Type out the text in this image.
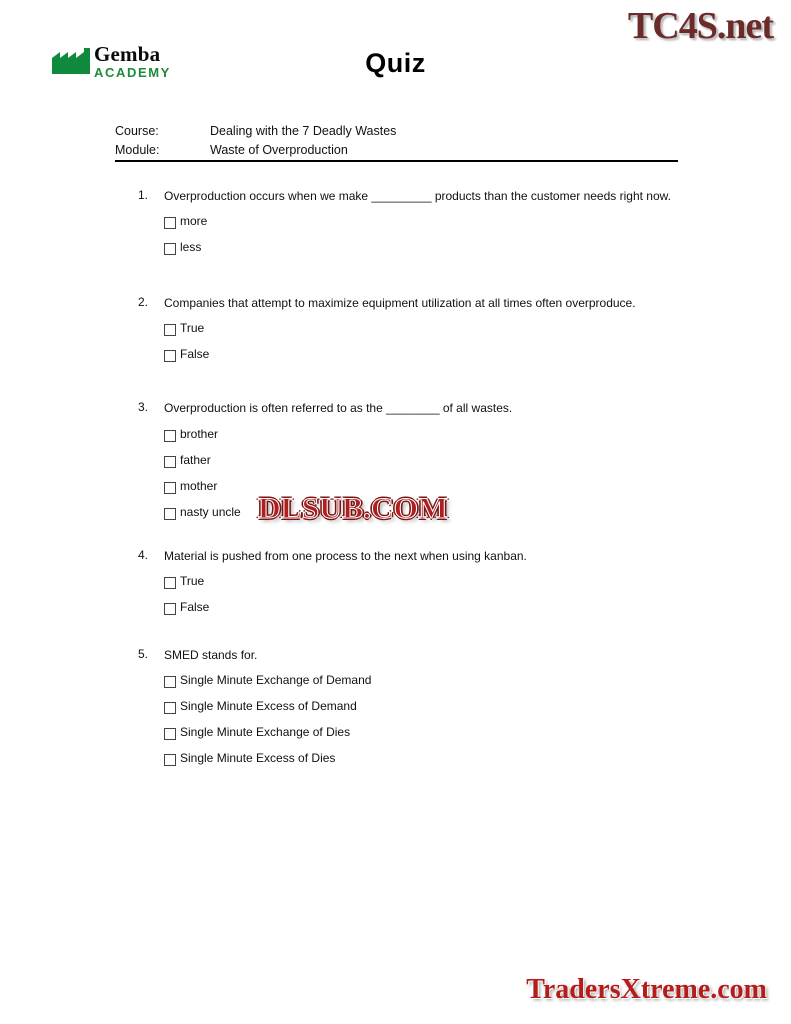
TC4S.net
Gemba
ACADEMY	Quiz
Course:	Dealing with the 7 Deadly Wastes
Module:	Waste of Overproduction
1.	Overproduction occurs when we make _________ products than the customer needs right now.
more
less
2.	Companies that attempt to maximize equipment utilization at all times often overproduce.
True
False
3.	Overproduction is often referred to as the ________ of all wastes.
brother
father
mother
nasty uncle
4.	Material is pushed from one process to the next when using kanban.
True
False
5.	SMED stands for.
Single Minute Exchange of Demand
Single Minute Excess of Demand
Single Minute Exchange of Dies
Single Minute Excess of Dies
DLSUB.COM
TradersXtreme.com
